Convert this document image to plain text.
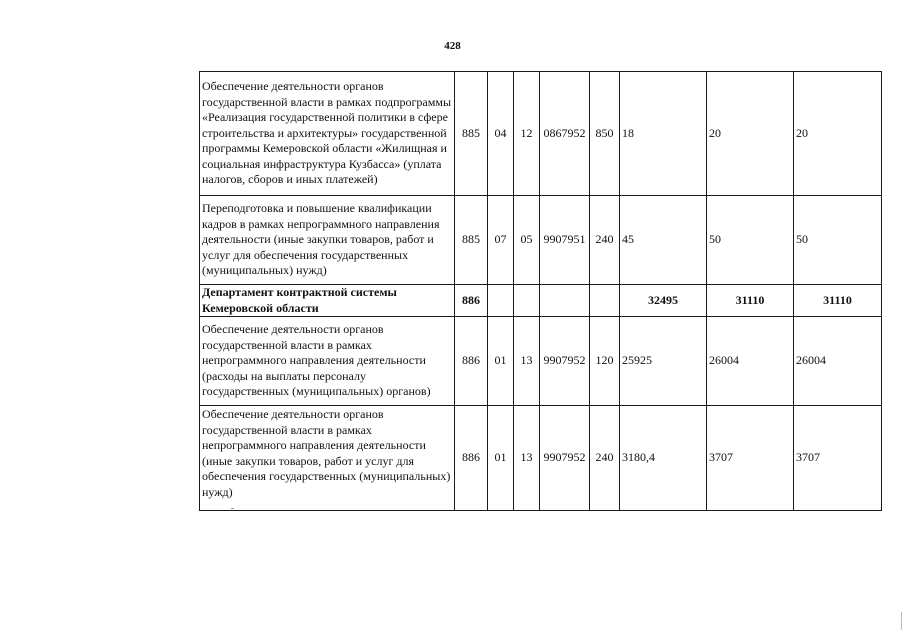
428
Обеспечение деятельности органов государственной власти в рамках подпрограммы «Реализация государственной политики в сфере строительства и архитектуры» государственной программы Кемеровской области «Жилищная и социальная инфраструктура Кузбасса» (уплата налогов, сборов и иных платежей)	885	04	12	0867952	850	18	20	20
Переподготовка и повышение квалификации кадров в рамках непрограммного направления деятельности (иные закупки товаров, работ и услуг для обеспечения государственных (муниципальных) нужд)	885	07	05	9907951	240	45	50	50
Департамент контрактной системы Кемеровской области	886					32495	31110	31110
Обеспечение деятельности органов государственной власти в рамках непрограммного направления деятельности (расходы на выплаты персоналу государственных (муниципальных) органов)	886	01	13	9907952	120	25925	26004	26004
Обеспечение деятельности органов государственной власти в рамках непрограммного направления деятельности (иные закупки товаров, работ и услуг для обеспечения государственных (муниципальных) нужд)	886	01	13	9907952	240	3180,4	3707	3707
